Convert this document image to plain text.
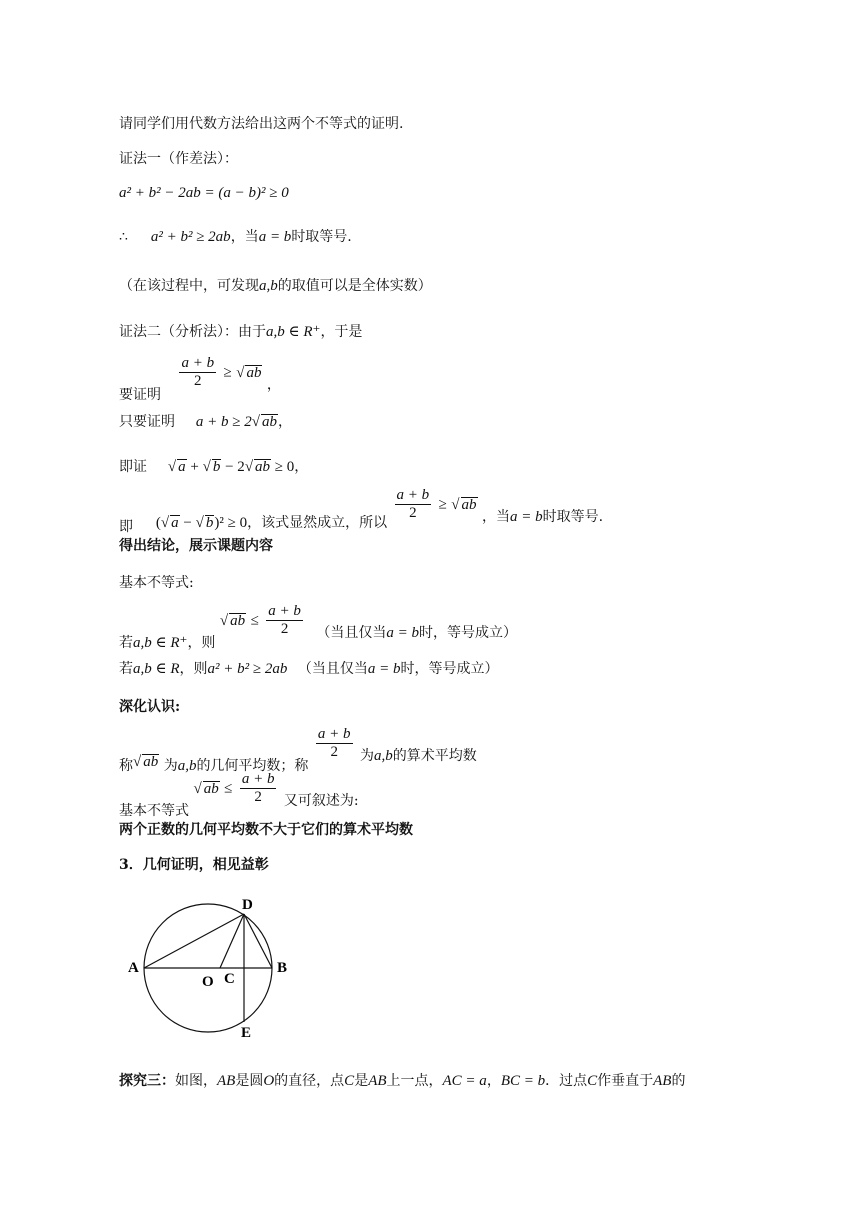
请同学们用代数方法给出这两个不等式的证明.
证法一（作差法）：
a² + b² − 2ab = (a − b)² ≥ 0
∴ a² + b² ≥ 2ab，当a = b时取等号.
（在该过程中，可发现a,b的取值可以是全体实数）
证法二（分析法）：由于a,b ∈ R⁺，于是
要证明
$\frac{a + b}{2}$ ≥ √ ab ，
只要证明 a + b ≥ 2√ ab，
即证 √ a + √ b − 2√ ab ≥ 0，
即 (√ a − √ b)² ≥ 0，该式显然成立，所以
$\frac{a + b}{2}$ ≥ √ ab ，当a = b时取等号.
得出结论，展示课题内容
基本不等式:
若a,b ∈ R⁺，则 √ ab ≤ $\frac{a + b}{2}$ （当且仅当a = b时，等号成立）
若a,b ∈ R，则a² + b² ≥ 2ab （当且仅当a = b时，等号成立）
深化认识:
称√ ab 为a,b的几何平均数；称
$\frac{a + b}{2}$ 为a,b的算术平均数
基本不等式 √ ab ≤ $\frac{a + b}{2}$ 又可叙述为:
两个正数的几何平均数不大于它们的算术平均数
3．几何证明，相见益彰
A	B
C
D
E
O
探究三：如图，AB是圆O的直径，点C是AB上一点，AC = a，BC = b．过点C作垂直于AB的
